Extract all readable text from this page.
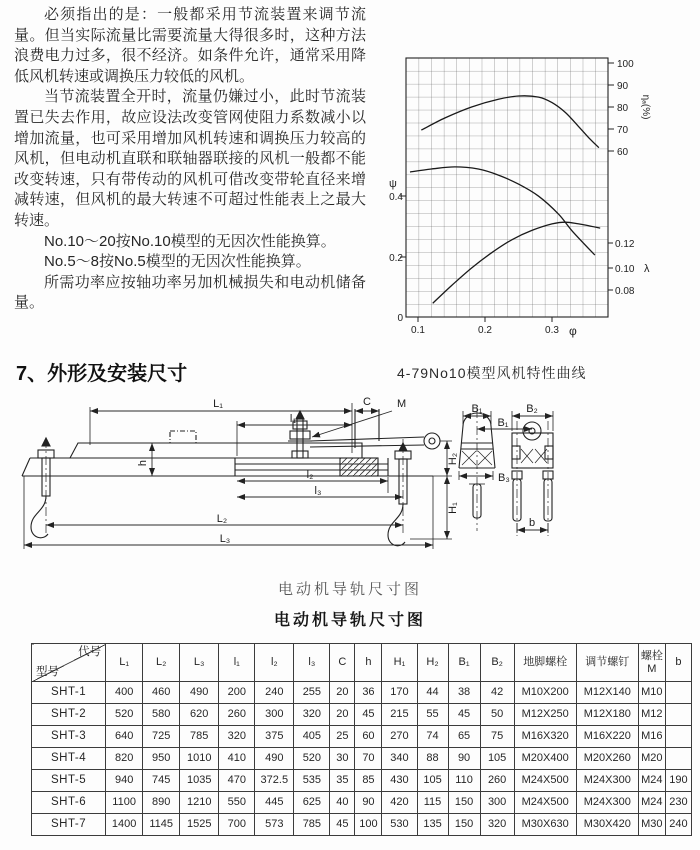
必须指出的是：一般都采用节流装置来调节流量。但当实际流量比需要流量大得很多时，这种方法浪费电力过多，很不经济。如条件允许，通常采用降低风机转速或调换压力较低的风机。

当节流装置全开时，流量仍嫌过小，此时节流装置已失去作用，故应设法改变管网使阻力系数减小以增加流量，也可采用增加风机转速和调换压力较高的风机，但电动机直联和联轴器联接的风机一般都不能改变转速，只有带传动的风机可借改变带轮直径来增减转速，但风机的最大转速不可超过性能表上之最大转速。

No.10～20按No.10模型的无因次性能换算。

No.5～8按No.5模型的无因次性能换算。

所需功率应按轴功率另加机械损失和电动机储备量。

0.4
0.2
0
ψ
0.1	0.2	0.3 φ
100
90
80
70
60
ηₐ(%)
0.12
0.10
0.08
λ
4-79No10模型风机特性曲线
7、外形及安装尺寸
L₁	C M
l₁
h
l₂
l₃
L₂
L₃
H₂
H₁
B₁	B₂
B₁
B₃
b
电动机导轨尺寸图
电动机导轨尺寸图
代号
型号	L₁	L₂	L₃	l₁	l₂	l₃	C	h	H₁	H₂	B₁	B₂	地脚螺栓	调节螺钉	螺栓M	b
SHT-1	400	460	490	200	240	255	20	36	170	44	38	42	M10X200	M12X140	M10	
SHT-2	520	580	620	260	300	320	20	45	215	55	45	50	M12X250	M12X180	M12	
SHT-3	640	725	785	320	375	405	25	60	270	74	65	75	M16X320	M16X220	M16	
SHT-4	820	950	1010	410	490	520	30	70	340	88	90	105	M20X400	M20X260	M20	
SHT-5	940	745	1035	470	372.5	535	35	85	430	105	110	260	M24X500	M24X300	M24	190
SHT-6	1100	890	1210	550	445	625	40	90	420	115	150	300	M24X500	M24X300	M24	230
SHT-7	1400	1145	1525	700	573	785	45	100	530	135	150	320	M30X630	M30X420	M30	240
